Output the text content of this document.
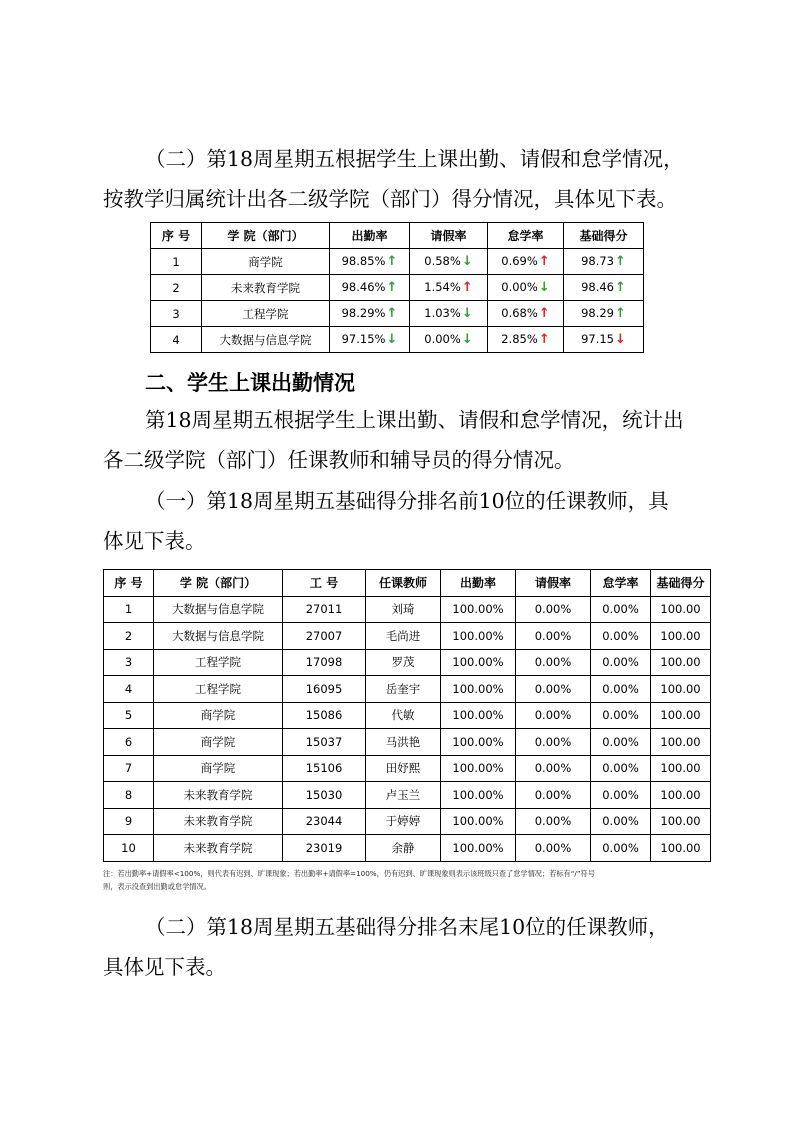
（二）第18周星期五根据学生上课出勤、请假和怠学情况，
按教学归属统计出各二级学院（部门）得分情况，具体见下表。
序 号	学 院（部门）	出勤率	请假率	怠学率	基础得分
1	商学院	98.85%↑	0.58%↓	0.69%↑	98.73↑
2	未来教育学院	98.46%↑	1.54%↑	0.00%↓	98.46↑
3	工程学院	98.29%↑	1.03%↓	0.68%↑	98.29↑
4	大数据与信息学院	97.15%↓	0.00%↓	2.85%↑	97.15↓
二、学生上课出勤情况
第18周星期五根据学生上课出勤、请假和怠学情况，统计出
各二级学院（部门）任课教师和辅导员的得分情况。
（一）第18周星期五基础得分排名前10位的任课教师，具
体见下表。
序 号	学 院（部门）	工 号	任课教师	出勤率	请假率	怠学率	基础得分
1	大数据与信息学院	27011	刘琦	100.00%	0.00%	0.00%	100.00
2	大数据与信息学院	27007	毛尚进	100.00%	0.00%	0.00%	100.00
3	工程学院	17098	罗茂	100.00%	0.00%	0.00%	100.00
4	工程学院	16095	岳奎宇	100.00%	0.00%	0.00%	100.00
5	商学院	15086	代敏	100.00%	0.00%	0.00%	100.00
6	商学院	15037	马洪艳	100.00%	0.00%	0.00%	100.00
7	商学院	15106	田妤熙	100.00%	0.00%	0.00%	100.00
8	未来教育学院	15030	卢玉兰	100.00%	0.00%	0.00%	100.00
9	未来教育学院	23044	于婷婷	100.00%	0.00%	0.00%	100.00
10	未来教育学院	23019	余静	100.00%	0.00%	0.00%	100.00
注：若出勤率+请假率<100%，则代表有迟到、旷课现象；若出勤率+请假率=100%，仍有迟到、旷课现象则表示该班级只查了怠学情况；若标有“/”符号
则，表示没查到出勤或怠学情况。
（二）第18周星期五基础得分排名末尾10位的任课教师，
具体见下表。
